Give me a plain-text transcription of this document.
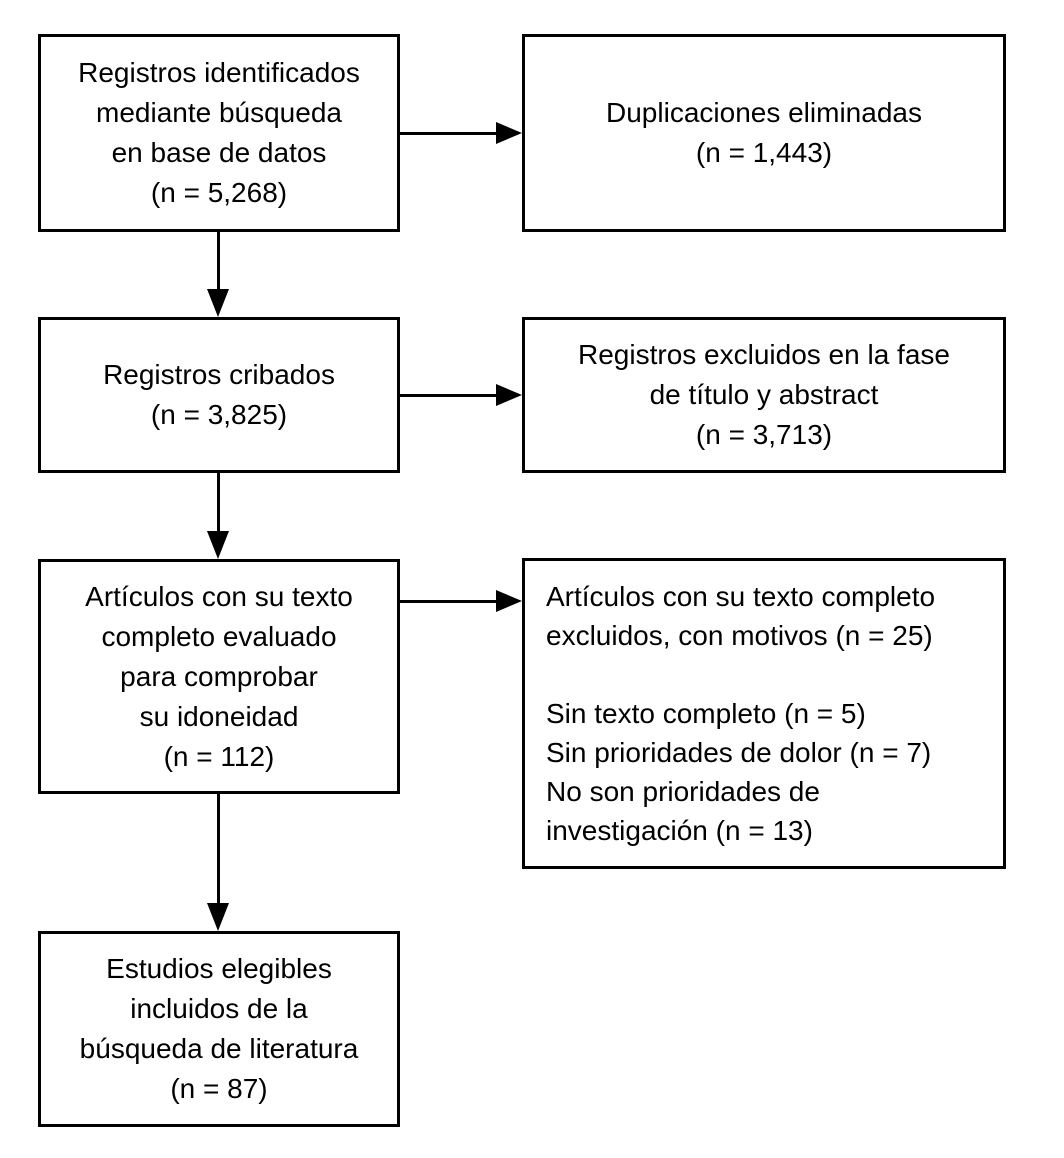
Registros identificados
mediante búsqueda
en base de datos
(n = 5,268)
Duplicaciones eliminadas
(n = 1,443)
Registros cribados
(n = 3,825)
Registros excluidos en la fase
de título y abstract
(n = 3,713)
Artículos con su texto
completo evaluado
para comprobar
su idoneidad
(n = 112)
Artículos con su texto completo
excluidos, con motivos (n = 25)
Sin texto completo (n = 5)
Sin prioridades de dolor (n = 7)
No son prioridades de
investigación (n = 13)
Estudios elegibles
incluidos de la
búsqueda de literatura
(n = 87)
